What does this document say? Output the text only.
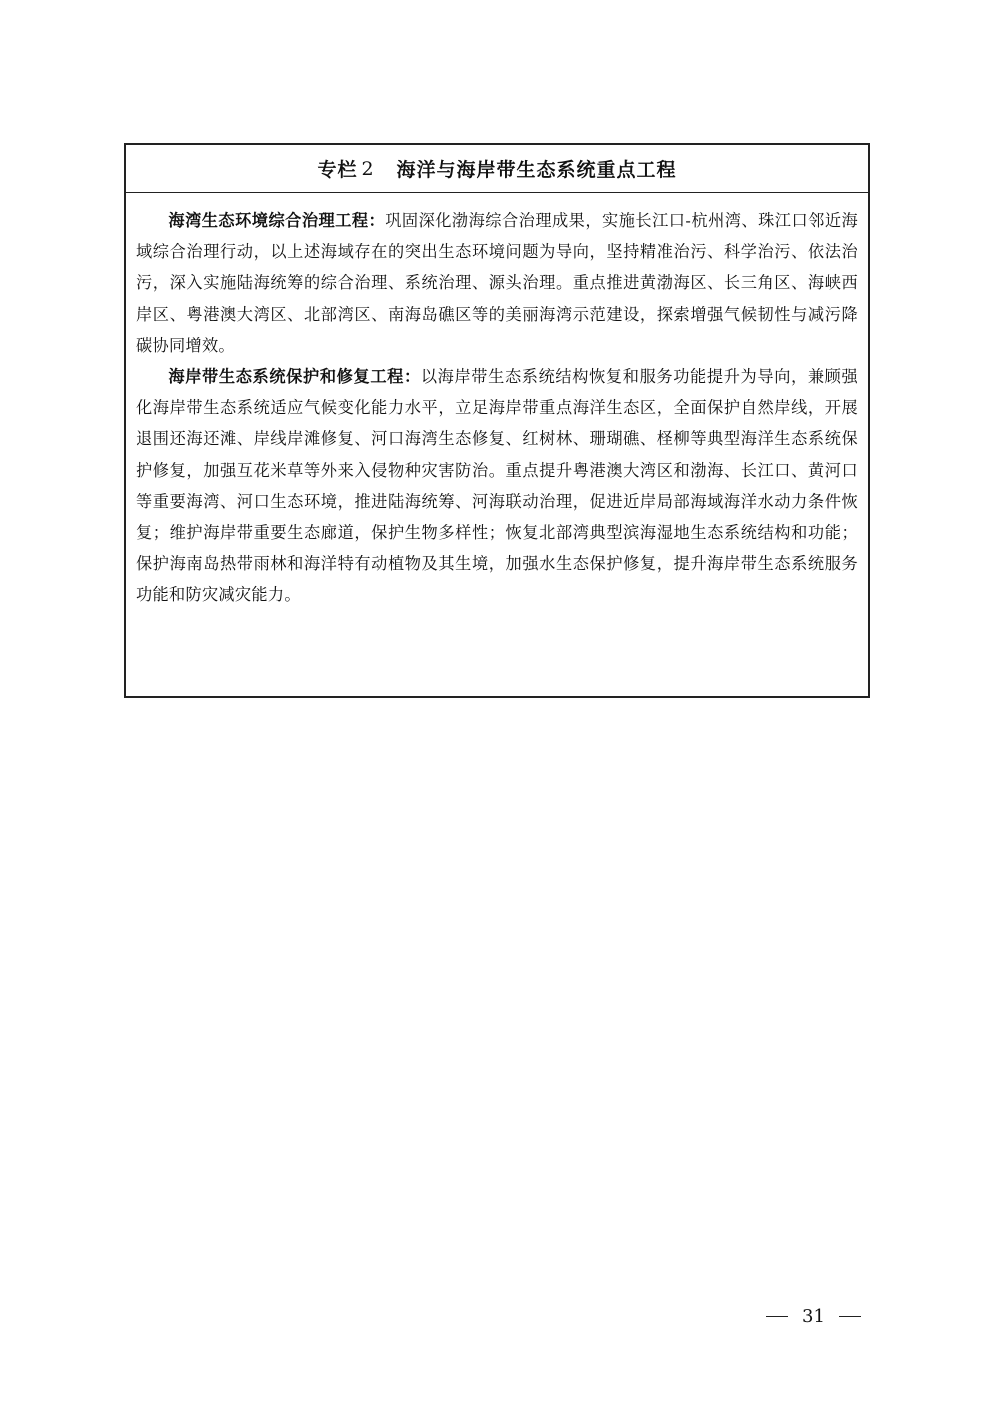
专栏 2 海洋与海岸带生态系统重点工程

海湾生态环境综合治理工程：巩固深化渤海综合治理成果，实施长江口-杭州湾、珠江口邻近海域综合治理行动，以上述海域存在的突出生态环境问题为导向，坚持精准治污、科学治污、依法治污，深入实施陆海统筹的综合治理、系统治理、源头治理。重点推进黄渤海区、长三角区、海峡西岸区、粤港澳大湾区、北部湾区、南海岛礁区等的美丽海湾示范建设，探索增强气候韧性与减污降碳协同增效。

海岸带生态系统保护和修复工程：以海岸带生态系统结构恢复和服务功能提升为导向，兼顾强化海岸带生态系统适应气候变化能力水平，立足海岸带重点海洋生态区，全面保护自然岸线，开展退围还海还滩、岸线岸滩修复、河口海湾生态修复、红树林、珊瑚礁、柽柳等典型海洋生态系统保护修复，加强互花米草等外来入侵物种灾害防治。重点提升粤港澳大湾区和渤海、长江口、黄河口等重要海湾、河口生态环境，推进陆海统筹、河海联动治理，促进近岸局部海域海洋水动力条件恢复；维护海岸带重要生态廊道，保护生物多样性；恢复北部湾典型滨海湿地生态系统结构和功能；保护海南岛热带雨林和海洋特有动植物及其生境，加强水生态保护修复，提升海岸带生态系统服务功能和防灾减灾能力。

31
